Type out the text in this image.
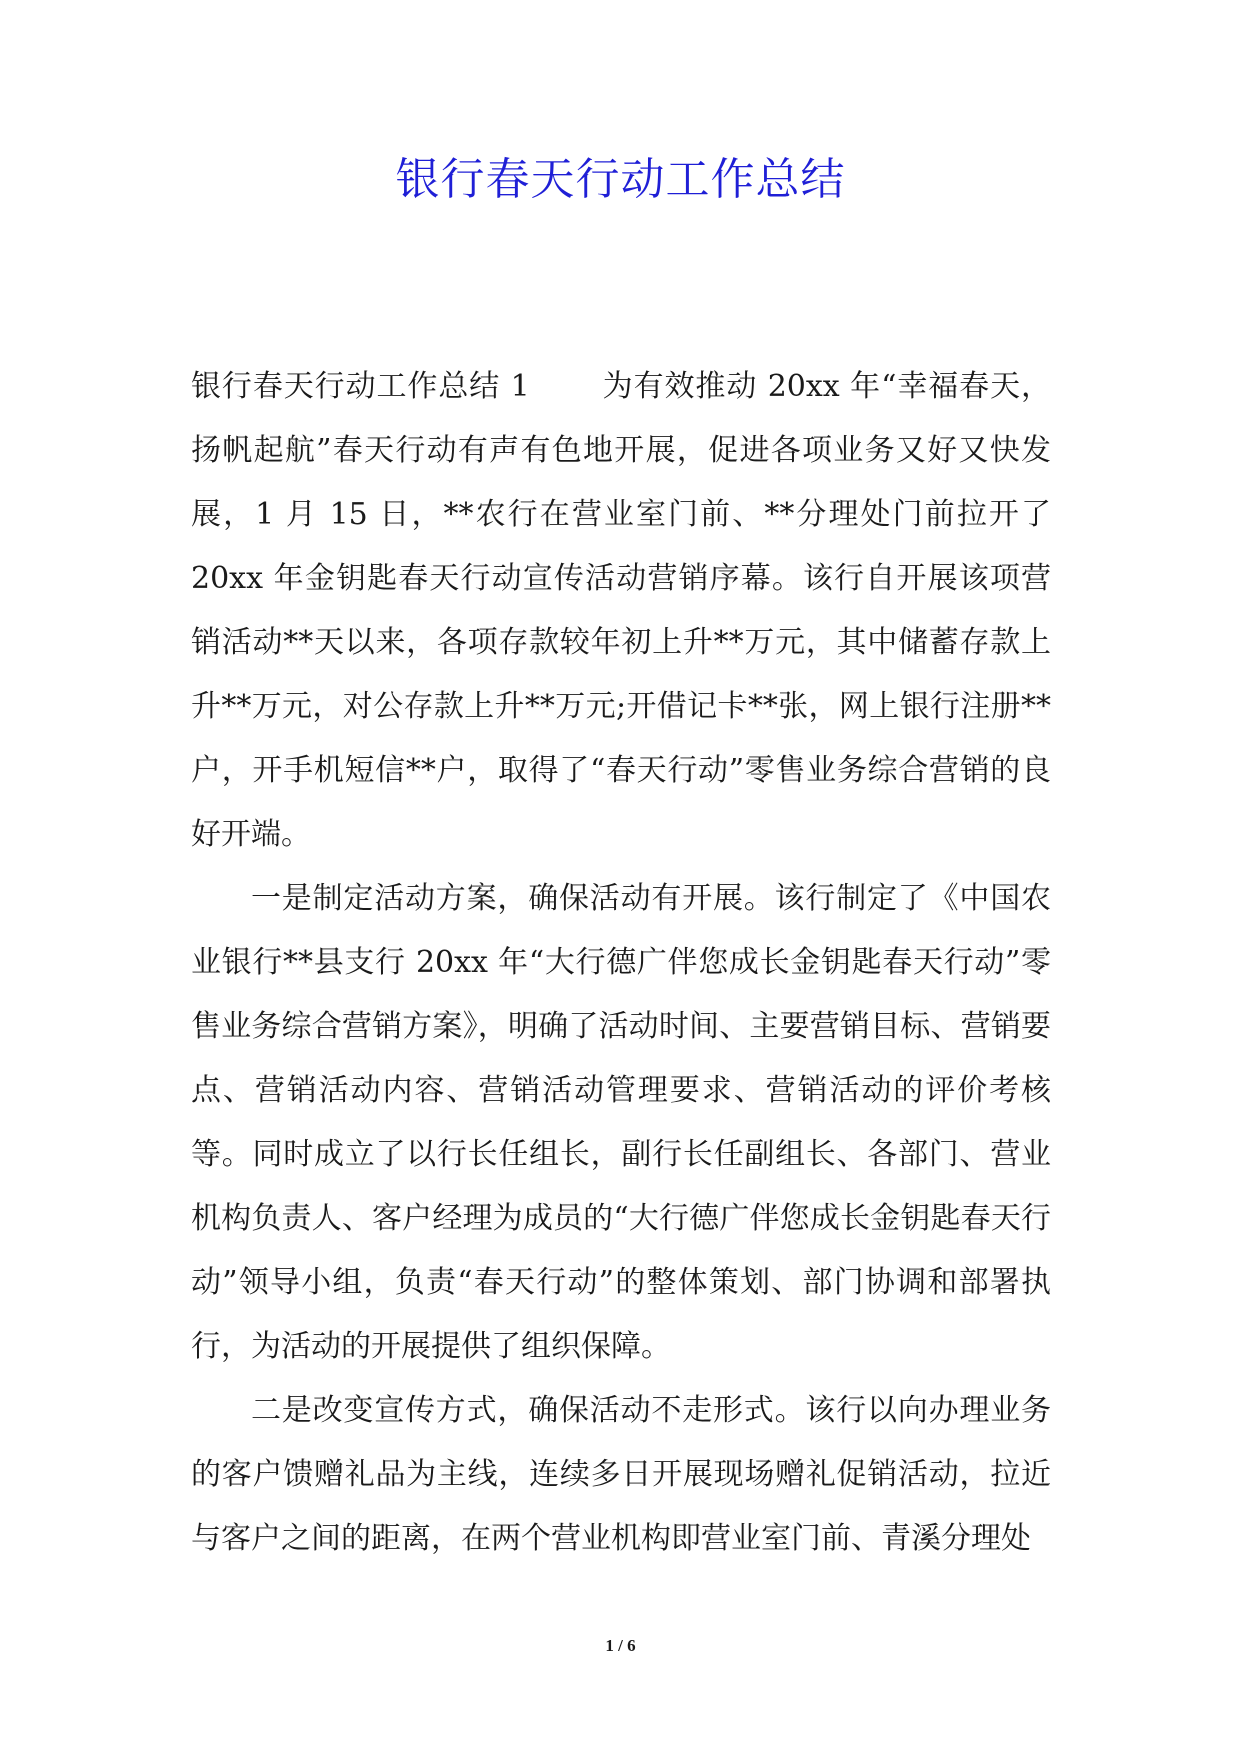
银行春天行动工作总结

银行春天行动工作总结 1 为有效推动 20xx 年“幸福春天，扬帆起航”春天行动有声有色地开展，促进各项业务又好又快发展，1 月 15 日，**农行在营业室门前、**分理处门前拉开了 20xx 年金钥匙春天行动宣传活动营销序幕。该行自开展该项营销活动**天以来，各项存款较年初上升**万元，其中储蓄存款上升**万元，对公存款上升**万元;开借记卡**张，网上银行注册**户，开手机短信**户，取得了“春天行动”零售业务综合营销的良好开端。

一是制定活动方案，确保活动有开展。该行制定了《中国农业银行**县支行 20xx 年“大行德广伴您成长金钥匙春天行动”零售业务综合营销方案》，明确了活动时间、主要营销目标、营销要点、营销活动内容、营销活动管理要求、营销活动的评价考核等。同时成立了以行长任组长，副行长任副组长、各部门、营业机构负责人、客户经理为成员的“大行德广伴您成长金钥匙春天行动”领导小组，负责“春天行动”的整体策划、部门协调和部署执行，为活动的开展提供了组织保障。

二是改变宣传方式，确保活动不走形式。该行以向办理业务的客户馈赠礼品为主线，连续多日开展现场赠礼促销活动，拉近与客户之间的距离，在两个营业机构即营业室门前、青溪分理处

1 / 6
